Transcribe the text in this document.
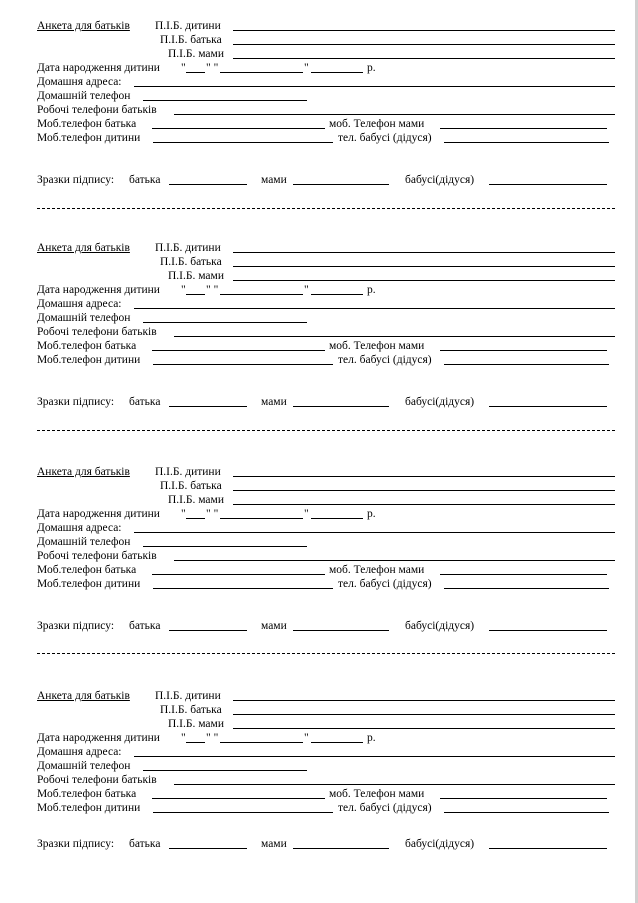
Анкета для батьків П.І.Б. дитини
П.І.Б. батька
П.І.Б. мами
Дата народження дитини " " "	"	р.
Домашня адреса:
Домашній телефон
Робочі телефони батьків
Моб.телефон батька	моб. Телефон мами
Моб.телефон дитини	тел. бабусі (дідуся)
Зразки підпису: батька	мами	бабусі(дідуся)
Анкета для батьків П.І.Б. дитини
П.І.Б. батька
П.І.Б. мами
Дата народження дитини " " "	"	р.
Домашня адреса:
Домашній телефон
Робочі телефони батьків
Моб.телефон батька	моб. Телефон мами
Моб.телефон дитини	тел. бабусі (дідуся)
Зразки підпису: батька	мами	бабусі(дідуся)
Анкета для батьків П.І.Б. дитини
П.І.Б. батька
П.І.Б. мами
Дата народження дитини " " "	"	р.
Домашня адреса:
Домашній телефон
Робочі телефони батьків
Моб.телефон батька	моб. Телефон мами
Моб.телефон дитини	тел. бабусі (дідуся)
Зразки підпису: батька	мами	бабусі(дідуся)
Анкета для батьків П.І.Б. дитини
П.І.Б. батька
П.І.Б. мами
Дата народження дитини " " "	"	р.
Домашня адреса:
Домашній телефон
Робочі телефони батьків
Моб.телефон батька	моб. Телефон мами
Моб.телефон дитини	тел. бабусі (дідуся)
Зразки підпису: батька	мами	бабусі(дідуся)
